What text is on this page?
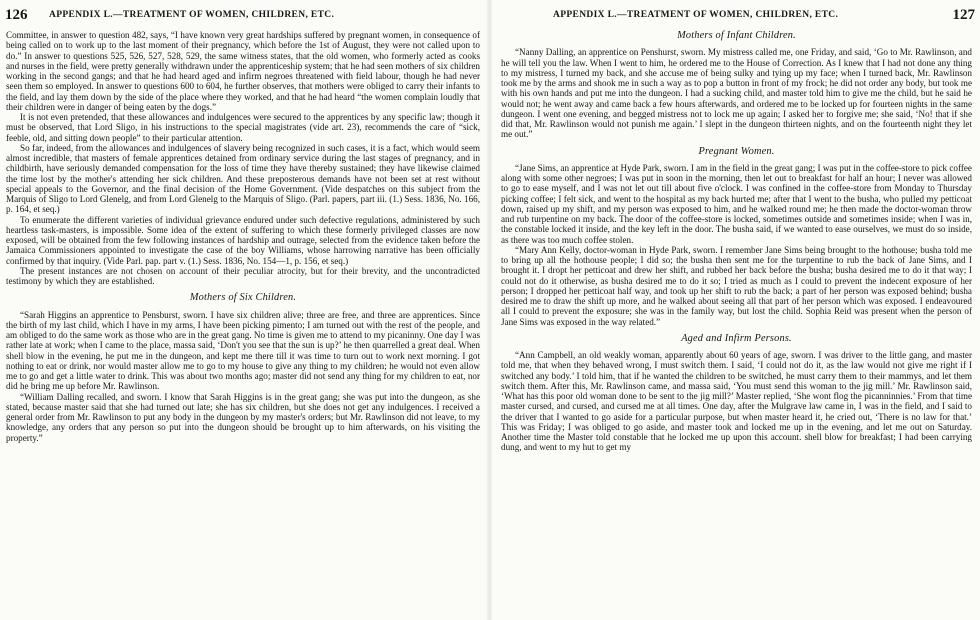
126 APPENDIX L.—TREATMENT OF WOMEN, CHILDREN, ETC.

Committee, in answer to question 482, says, “I have known very great hardships suffered by pregnant women, in consequence of being called on to work up to the last moment of their pregnancy, which before the 1st of August, they were not called upon to do.” In answer to questions 525, 526, 527, 528, 529, the same witness states, that the old women, who formerly acted as cooks and nurses in the field, were pretty generally withdrawn under the apprenticeship system; that he had seen mothers of six children working in the second gangs; and that he had heard aged and infirm negroes threatened with field labour, though he had never seen them so employed. In answer to questions 600 to 604, he further observes, that mothers were obliged to carry their infants to the field, and lay them down by the side of the place where they worked, and that he had heard “the women complain loudly that their children were in danger of being eaten by the dogs.”

It is not even pretended, that these allowances and indulgences were secured to the apprentices by any specific law; though it must be observed, that Lord Sligo, in his instructions to the special magistrates (vide art. 23), recommends the care of “sick, feeble, old, and sitting down people” to their particular attention.

So far, indeed, from the allowances and indulgences of slavery being recognized in such cases, it is a fact, which would seem almost incredible, that masters of female apprentices detained from ordinary service during the last stages of pregnancy, and in childbirth, have seriously demanded compensation for the loss of time they have thereby sustained; they have likewise claimed the time lost by the mother's attending her sick children. And these preposterous demands have not been set at rest without special appeals to the Governor, and the final decision of the Home Government. (Vide despatches on this subject from the Marquis of Sligo to Lord Glenelg, and from Lord Glenelg to the Marquis of Sligo. (Parl. papers, part iii. (1.) Sess. 1836, No. 166, p. 164, et seq.)

To enumerate the different varieties of individual grievance endured under such defective regulations, administered by such heartless task-masters, is impossible. Some idea of the extent of suffering to which these formerly privileged classes are now exposed, will be obtained from the few following instances of hardship and outrage, selected from the evidence taken before the Jamaica Commissioners appointed to investigate the case of the boy Williams, whose harrowing narrative has been officially confirmed by that inquiry. (Vide Parl. pap. part v. (1.) Sess. 1836, No. 154—1, p. 156, et seq.)

The present instances are not chosen on account of their peculiar atrocity, but for their brevity, and the uncontradicted testimony by which they are established.

Mothers of Six Children.

“Sarah Higgins an apprentice to Pensburst, sworn. I have six children alive; three are free, and three are apprentices. Since the birth of my last child, which I have in my arms, I have been picking pimento; I am turned out with the rest of the people, and am obliged to do the same work as those who are in the great gang. No time is given me to attend to my picaninny. One day I was rather late at work; when I came to the place, massa said, ‘Don't you see that the sun is up?’ he then quarrelled a great deal. When shell blow in the evening, he put me in the dungeon, and kept me there till it was time to turn out to work next morning. I got nothing to eat or drink, nor would master allow me to go to my house to give any thing to my children; he would not even allow me to go and get a little water to drink. This was about two months ago; master did not send any thing for my children to eat, nor did he bring me up before Mr. Rawlinson.

“William Dalling recalled, and sworn. I know that Sarah Higgins is in the great gang; she was put into the dungeon, as she stated, because master said that she had turned out late; she has six children, but she does not get any indulgences. I received a general order from Mr. Rawlinson to put any body in the dungeon by my master's orders; but Mr. Rawlinson did not leave, to my knowledge, any orders that any person so put into the dungeon should be brought up to him afterwards, on his visiting the property.”

APPENDIX L.—TREATMENT OF WOMEN, CHILDREN, ETC.	127
Mothers of Infant Children.

“Nanny Dalling, an apprentice on Penshurst, sworn. My mistress called me, one Friday, and said, ‘Go to Mr. Rawlinson, and he will tell you the law. When I went to him, he ordered me to the House of Correction. As I knew that I had not done any thing to my mistress, I turned my back, and she accuse me of being sulky and tying up my face; when I turned back, Mr. Rawlinson took me by the arms and shook me in such a way as to pop a button in front of my frock; he did not order any body, but took me with his own hands and put me into the dungeon. I had a sucking child, and master told him to give me the child, but he said he would not; he went away and came back a few hours afterwards, and ordered me to be locked up for fourteen nights in the same dungeon. I went one evening, and begged mistress not to lock me up again; I asked her to forgive me; she said, ‘No! that if she did that, Mr. Rawlinson would not punish me again.’ I slept in the dungeon thirteen nights, and on the fourteenth night they let me out.”

Pregnant Women.

“Jane Sims, an apprentice at Hyde Park, sworn. I am in the field in the great gang; I was put in the coffee-store to pick coffee along with some other negroes; I was put in soon in the morning, then let out to breakfast for half an hour; I never was allowed to go to ease myself, and I was not let out till about five o'clock. I was confined in the coffee-store from Monday to Thursday picking coffee; I felt sick, and went to the hospital as my back hurted me; after that I went to the busha, who pulled my petticoat down, raised up my shift, and my person was exposed to him, and he walked round me; he then made the doctor-woman throw and rub turpentine on my back. The door of the coffee-store is locked, sometimes outside and sometimes inside; when I was in, the constable locked it inside, and the key left in the door. The busha said, if we wanted to ease ourselves, we must do so inside, as there was too much coffee stolen.

“Mary Ann Kelly, doctor-woman in Hyde Park, sworn. I remember Jane Sims being brought to the hothouse; busha told me to bring up all the hothouse people; I did so; the busha then sent me for the turpentine to rub the back of Jane Sims, and I brought it. I dropt her petticoat and drew her shift, and rubbed her back before the busha; busha desired me to do it that way; I could not do it otherwise, as busha desired me to do it so; I tried as much as I could to prevent the indecent exposure of her person; I dropped her petticoat half way, and took up her shift to rub the back; a part of her person was exposed behind; busha desired me to draw the shift up more, and he walked about seeing all that part of her person which was exposed. I endeavoured all I could to prevent the exposure; she was in the family way, but lost the child. Sophia Reid was present when the person of Jane Sims was exposed in the way related.”

Aged and Infirm Persons.

“Ann Campbell, an old weakly woman, apparently about 60 years of age, sworn. I was driver to the little gang, and master told me, that when they behaved wrong, I must switch them. I said, ‘I could not do it, as the law would not give me right if I switched any body.’ I told him, that if he wanted the children to be switched, he must carry them to their mammys, and let them switch them. After this, Mr. Rawlinson came, and massa said, ‘You must send this woman to the jig mill.’ Mr. Rawlinson said, ‘What has this poor old woman done to be sent to the jig mill?’ Master replied, ‘She wont flog the picanninnies.’ From that time master cursed, and cursed, and cursed me at all times. One day, after the Mulgrave law came in, I was in the field, and I said to the driver that I wanted to go aside for a particular purpose, but when master heard it, he cried out, ‘There is no law for that.’ This was Friday; I was obliged to go aside, and master took and locked me up in the evening, and let me out on Saturday. Another time the Master told constable that he locked me up upon this account. shell blow for breakfast; I had been carrying dung, and went to my hut to get my
